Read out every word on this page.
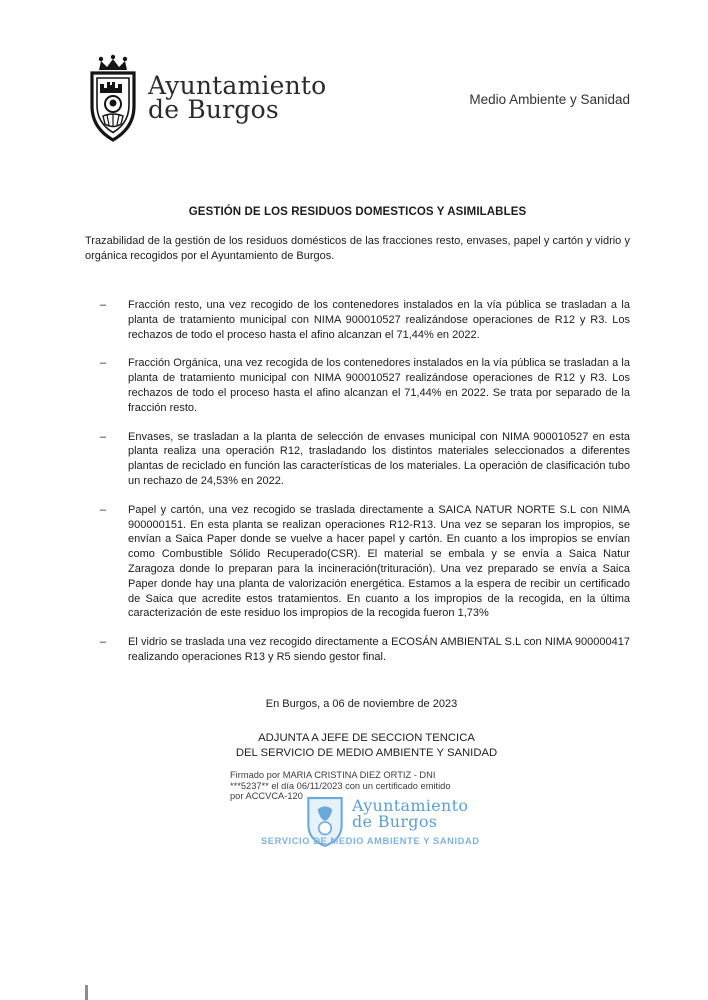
Ayuntamiento
de Burgos	Medio Ambiente y Sanidad
GESTIÓN DE LOS RESIDUOS DOMESTICOS Y ASIMILABLES

Trazabilidad de la gestión de los residuos domésticos de las fracciones resto, envases, papel y cartón y vidrio y orgánica recogidos por el Ayuntamiento de Burgos.

– Fracción resto, una vez recogido de los contenedores instalados en la vía pública se trasladan a la planta de tratamiento municipal con NIMA 900010527 realizándose operaciones de R12 y R3. Los rechazos de todo el proceso hasta el afino alcanzan el 71,44% en 2022.
– Fracción Orgánica, una vez recogida de los contenedores instalados en la vía pública se trasladan a la planta de tratamiento municipal con NIMA 900010527 realizándose operaciones de R12 y R3. Los rechazos de todo el proceso hasta el afino alcanzan el 71,44% en 2022. Se trata por separado de la fracción resto.
– Envases, se trasladan a la planta de selección de envases municipal con NIMA 900010527 en esta planta realiza una operación R12, trasladando los distintos materiales seleccionados a diferentes plantas de reciclado en función las características de los materiales. La operación de clasificación tubo un rechazo de 24,53% en 2022.
– Papel y cartón, una vez recogido se traslada directamente a SAICA NATUR NORTE S.L con NIMA 900000151. En esta planta se realizan operaciones R12-R13. Una vez se separan los impropios, se envían a Saica Paper donde se vuelve a hacer papel y cartón. En cuanto a los impropios se envían como Combustible Sólido Recuperado(CSR). El material se embala y se envía a Saica Natur Zaragoza donde lo preparan para la incineración(trituración). Una vez preparado se envía a Saica Paper donde hay una planta de valorización energética. Estamos a la espera de recibir un certificado de Saica que acredite estos tratamientos. En cuanto a los impropios de la recogida, en la última caracterización de este residuo los impropios de la recogida fueron 1,73%
– El vidrio se traslada una vez recogido directamente a ECOSÁN AMBIENTAL S.L con NIMA 900000417 realizando operaciones R13 y R5 siendo gestor final.
En Burgos, a 06 de noviembre de 2023
ADJUNTA A JEFE DE SECCION TENCICA
DEL SERVICIO DE MEDIO AMBIENTE Y SANIDAD
Firmado por MARIA CRISTINA DIEZ ORTIZ - DNI
***5237** el día 06/11/2023 con un certificado emitido
por ACCVCA-120	Ayuntamiento
de Burgos
SERVICIO DE MEDIO AMBIENTE Y SANIDAD
